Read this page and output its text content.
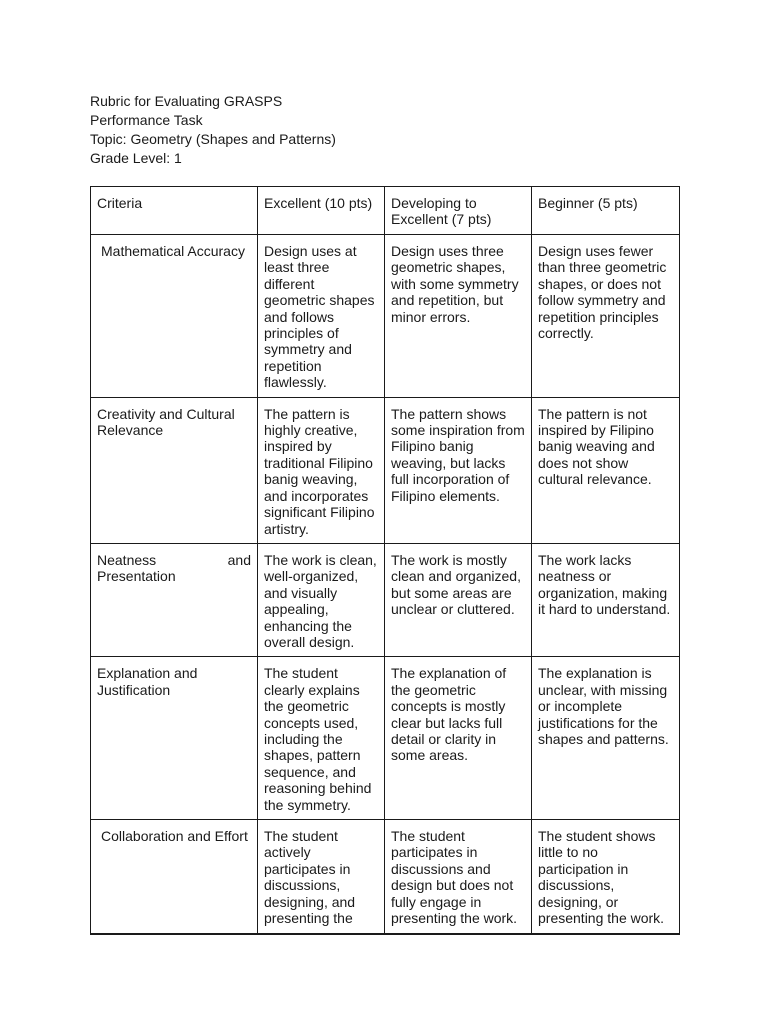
Rubric for Evaluating GRASPS
Performance Task
Topic: Geometry (Shapes and Patterns)
Grade Level: 1
Criteria	Excellent (10 pts)	Developing to Excellent (7 pts)	Beginner (5 pts)
Mathematical Accuracy	Design uses at least three different geometric shapes and follows principles of symmetry and repetition flawlessly.	Design uses three geometric shapes, with some symmetry and repetition, but minor errors.	Design uses fewer than three geometric shapes, or does not follow symmetry and repetition principles correctly.
Creativity and Cultural Relevance	The pattern is highly creative, inspired by traditional Filipino banig weaving, and incorporates significant Filipino artistry.	The pattern shows some inspiration from Filipino banig weaving, but lacks full incorporation of Filipino elements.	The pattern is not inspired by Filipino banig weaving and does not show cultural relevance.
Neatness and Presentation	The work is clean, well-organized, and visually appealing, enhancing the overall design.	The work is mostly clean and organized, but some areas are unclear or cluttered.	The work lacks neatness or organization, making it hard to understand.
Explanation and Justification	The student clearly explains the geometric concepts used, including the shapes, pattern sequence, and reasoning behind the symmetry.	The explanation of the geometric concepts is mostly clear but lacks full detail or clarity in some areas.	The explanation is unclear, with missing or incomplete justifications for the shapes and patterns.
Collaboration and Effort	The student actively participates in discussions, designing, and presenting the	The student participates in discussions and design but does not fully engage in presenting the work.	The student shows little to no participation in discussions, designing, or presenting the work.
